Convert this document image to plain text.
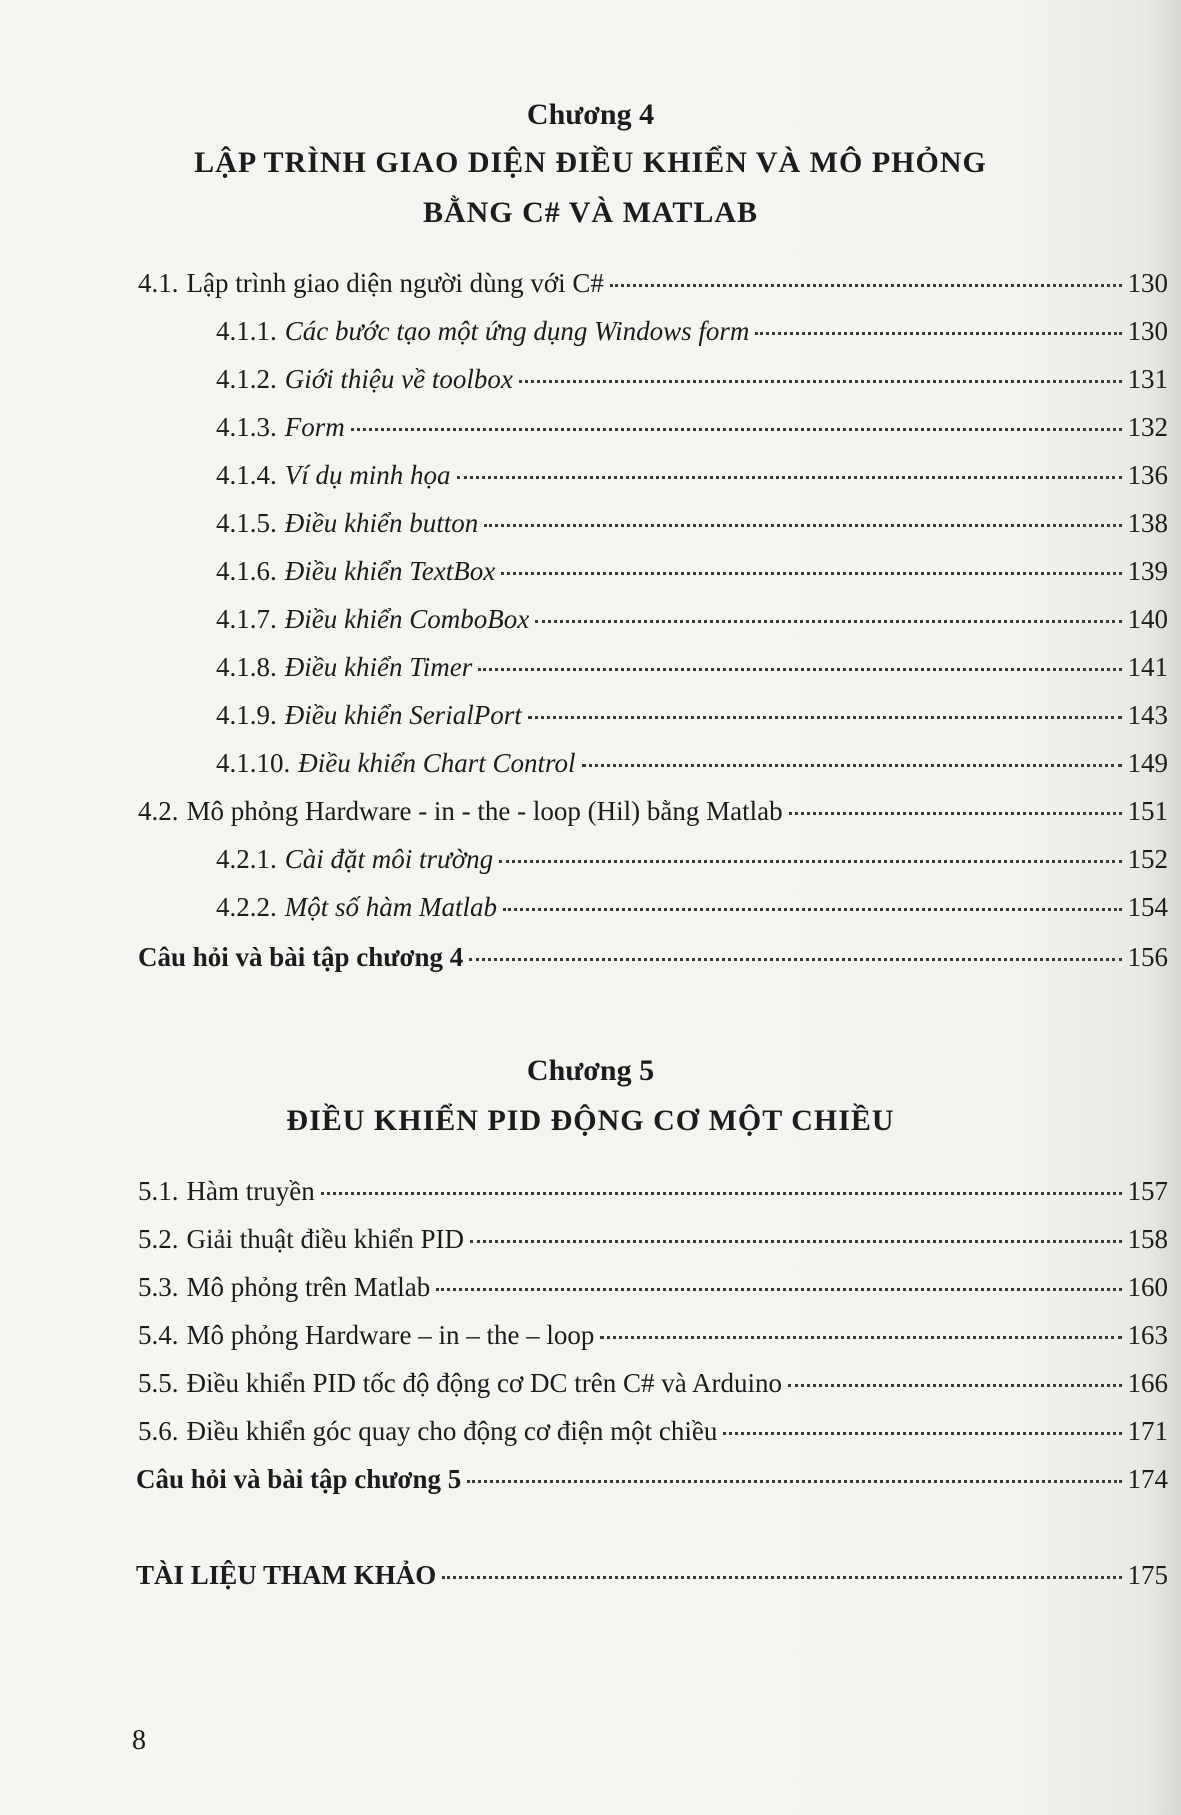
Chương 4
LẬP TRÌNH GIAO DIỆN ĐIỀU KHIỂN VÀ MÔ PHỎNG
BẰNG C# VÀ MATLAB
4.1. Lập trình giao diện người dùng với C#	130
4.1.1. Các bước tạo một ứng dụng Windows form	130
4.1.2. Giới thiệu về toolbox	131
4.1.3. Form	132
4.1.4. Ví dụ minh họa	136
4.1.5. Điều khiển button	138
4.1.6. Điều khiển TextBox	139
4.1.7. Điều khiển ComboBox	140
4.1.8. Điều khiển Timer	141
4.1.9. Điều khiển SerialPort	143
4.1.10. Điều khiển Chart Control	149
4.2. Mô phỏng Hardware - in - the - loop (Hil) bằng Matlab	151
4.2.1. Cài đặt môi trường	152
4.2.2. Một số hàm Matlab	154
Câu hỏi và bài tập chương 4	156
Chương 5
ĐIỀU KHIỂN PID ĐỘNG CƠ MỘT CHIỀU
5.1. Hàm truyền	157
5.2. Giải thuật điều khiển PID	158
5.3. Mô phỏng trên Matlab	160
5.4. Mô phỏng Hardware – in – the – loop	163
5.5. Điều khiển PID tốc độ động cơ DC trên C# và Arduino	166
5.6. Điều khiển góc quay cho động cơ điện một chiều	171
Câu hỏi và bài tập chương 5	174
TÀI LIỆU THAM KHẢO	175
8
